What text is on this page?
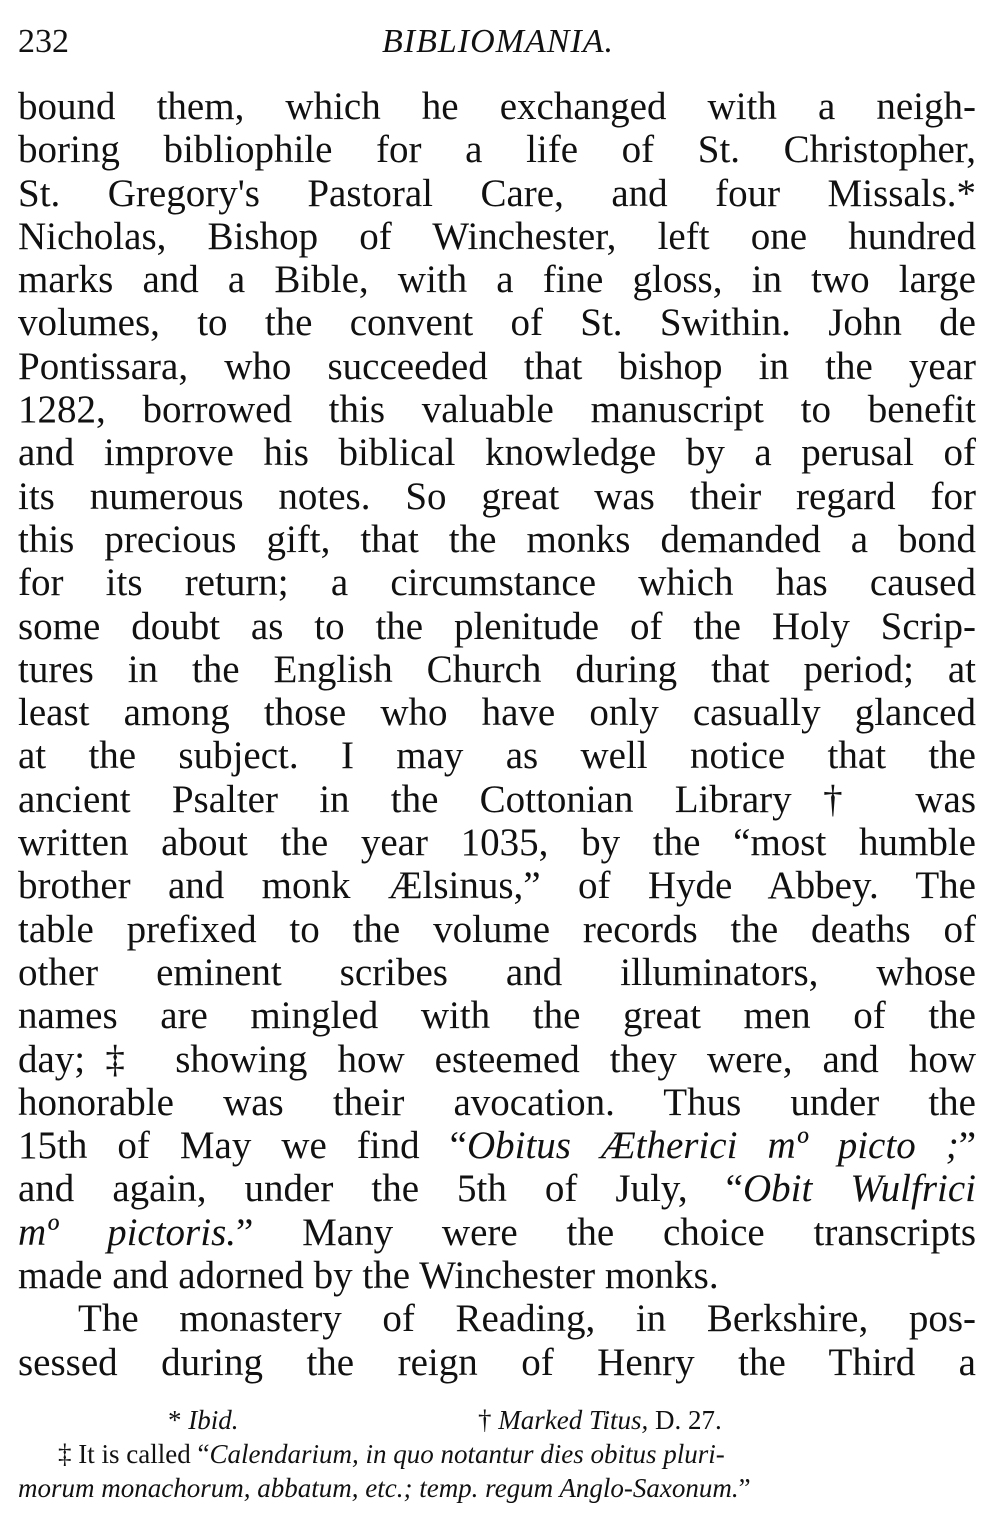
232	BIBLIOMANIA.
bound them, which he exchanged with a neigh-
boring bibliophile for a life of St. Christopher,
St. Gregory's Pastoral Care, and four Missals.*
Nicholas, Bishop of Winchester, left one hundred
marks and a Bible, with a fine gloss, in two large
volumes, to the convent of St. Swithin. John de
Pontissara, who succeeded that bishop in the year
1282, borrowed this valuable manuscript to benefit
and improve his biblical knowledge by a perusal of
its numerous notes. So great was their regard for
this precious gift, that the monks demanded a bond
for its return; a circumstance which has caused
some doubt as to the plenitude of the Holy Scrip-
tures in the English Church during that period; at
least among those who have only casually glanced
at the subject. I may as well notice that the
ancient Psalter in the Cottonian Library† was
written about the year 1035, by the “most humble
brother and monk Ælsinus,” of Hyde Abbey. The
table prefixed to the volume records the deaths of
other eminent scribes and illuminators, whose
names are mingled with the great men of the
day;‡ showing how esteemed they were, and how
honorable was their avocation. Thus under the
15th of May we find “Obitus Ætherici mº picto ;”
and again, under the 5th of July, “Obit Wulfrici
mº pictoris.” Many were the choice transcripts
made and adorned by the Winchester monks.
The monastery of Reading, in Berkshire, pos-
sessed during the reign of Henry the Third a
* Ibid.	† Marked Titus, D. 27.
‡ It is called “Calendarium, in quo notantur dies obitus pluri-
morum monachorum, abbatum, etc.; temp. regum Anglo-Saxonum.”
